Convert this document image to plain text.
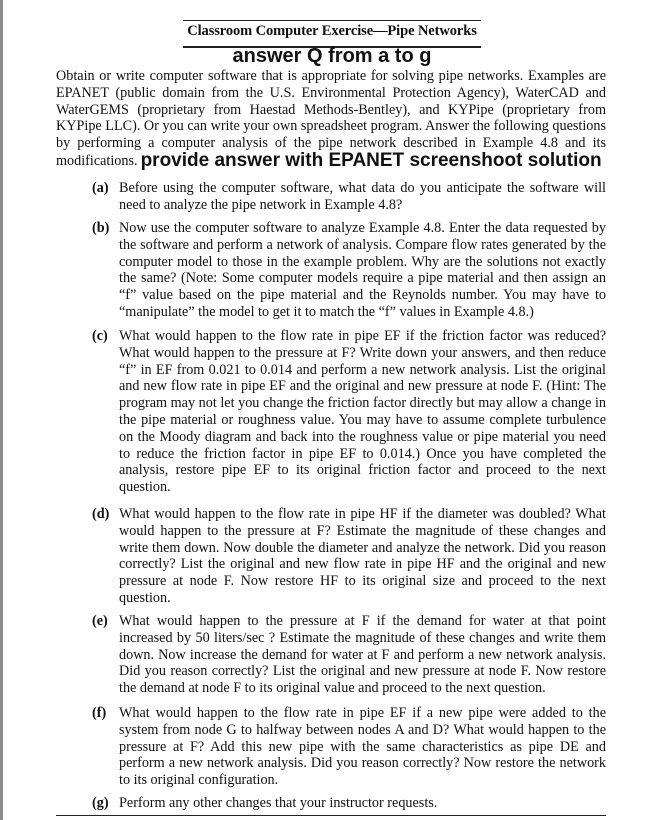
Classroom Computer Exercise—Pipe Networks
answer Q from a to g
Obtain or write computer software that is appropriate for solving pipe networks. Examples are EPANET (public domain from the U.S. Environmental Protection Agency), WaterCAD and WaterGEMS (proprietary from Haestad Methods-Bentley), and KYPipe (proprietary from KYPipe LLC). Or you can write your own spreadsheet program. Answer the following questions by performing a computer analysis of the pipe network described in Example 4.8 and its modifications. provide answer with EPANET screenshoot solution
(a) Before using the computer software, what data do you anticipate the software will need to analyze the pipe network in Example 4.8?
(b) Now use the computer software to analyze Example 4.8. Enter the data requested by the software and perform a network of analysis. Compare flow rates generated by the computer model to those in the example problem. Why are the solutions not exactly the same? (Note: Some computer models require a pipe material and then assign an “f” value based on the pipe material and the Reynolds number. You may have to “manipulate” the model to get it to match the “f” values in Example 4.8.)
(c) What would happen to the flow rate in pipe EF if the friction factor was reduced? What would happen to the pressure at F? Write down your answers, and then reduce “f” in EF from 0.021 to 0.014 and perform a new network analysis. List the original and new flow rate in pipe EF and the original and new pressure at node F. (Hint: The program may not let you change the friction factor directly but may allow a change in the pipe material or roughness value. You may have to assume complete turbulence on the Moody diagram and back into the roughness value or pipe material you need to reduce the friction factor in pipe EF to 0.014.) Once you have completed the analysis, restore pipe EF to its original friction factor and proceed to the next question.
(d) What would happen to the flow rate in pipe HF if the diameter was doubled? What would happen to the pressure at F? Estimate the magnitude of these changes and write them down. Now double the diameter and analyze the network. Did you reason correctly? List the original and new flow rate in pipe HF and the original and new pressure at node F. Now restore HF to its original size and proceed to the next question.
(e) What would happen to the pressure at F if the demand for water at that point increased by 50 liters/sec ? Estimate the magnitude of these changes and write them down. Now increase the demand for water at F and perform a new network analysis. Did you reason correctly? List the original and new pressure at node F. Now restore the demand at node F to its original value and proceed to the next question.
(f) What would happen to the flow rate in pipe EF if a new pipe were added to the system from node G to halfway between nodes A and D? What would happen to the pressure at F? Add this new pipe with the same characteristics as pipe DE and perform a new network analysis. Did you reason correctly? Now restore the network to its original configuration.
(g) Perform any other changes that your instructor requests.
